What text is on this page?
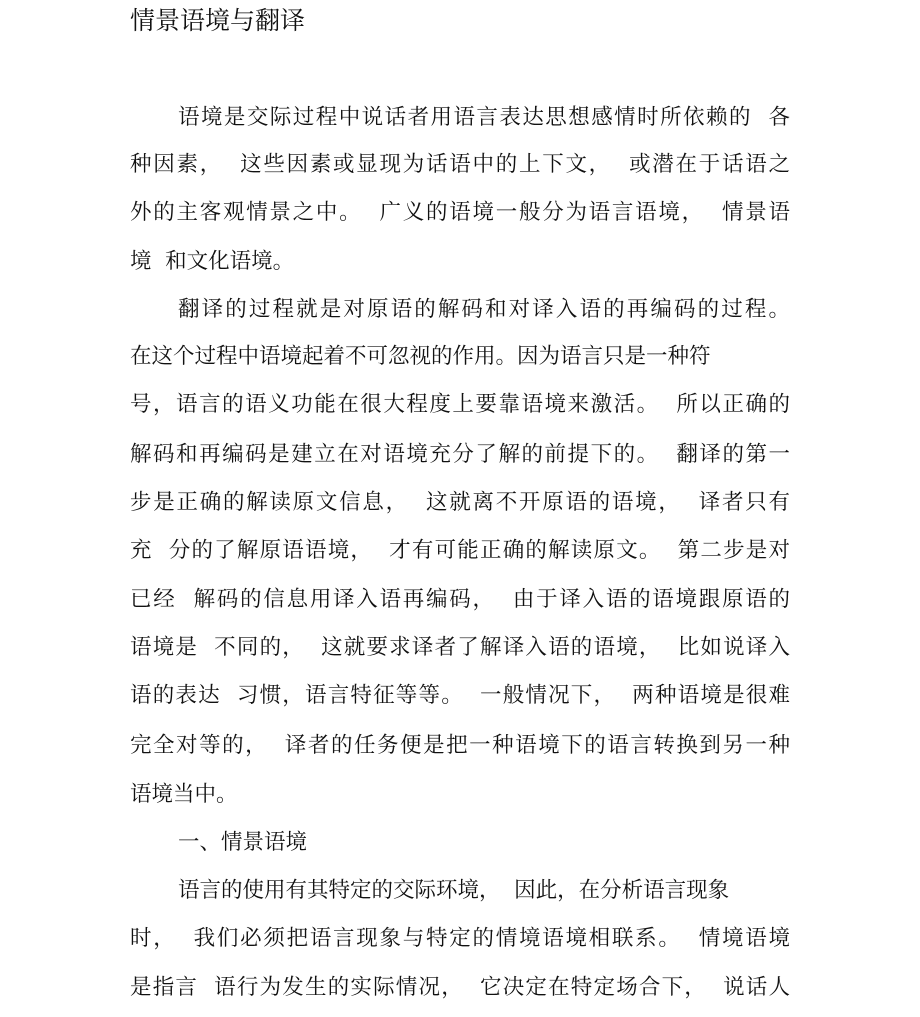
情景语境与翻译
语境是交际过程中说话者用语言表达思想感情时所依赖的  各
种因素，  这些因素或显现为话语中的上下文，  或潜在于话语之
外的主客观情景之中。  广义的语境一般分为语言语境，  情景语
境  和文化语境。
翻译的过程就是对原语的解码和对译入语的再编码的过程。
在这个过程中语境起着不可忽视的作用。因为语言只是一种符
号，语言的语义功能在很大程度上要靠语境来激活。  所以正确的
解码和再编码是建立在对语境充分了解的前提下的。  翻译的第一
步是正确的解读原文信息，  这就离不开原语的语境，  译者只有
充  分的了解原语语境，  才有可能正确的解读原文。  第二步是对
已经  解码的信息用译入语再编码，  由于译入语的语境跟原语的
语境是  不同的，  这就要求译者了解译入语的语境，  比如说译入
语的表达  习惯，语言特征等等。  一般情况下，  两种语境是很难
完全对等的，  译者的任务便是把一种语境下的语言转换到另一种
语境当中。
一、情景语境
语言的使用有其特定的交际环境，  因此，在分析语言现象
时，  我们必须把语言现象与特定的情境语境相联系。  情境语境
是指言  语行为发生的实际情况，  它决定在特定场合下，  说话人
